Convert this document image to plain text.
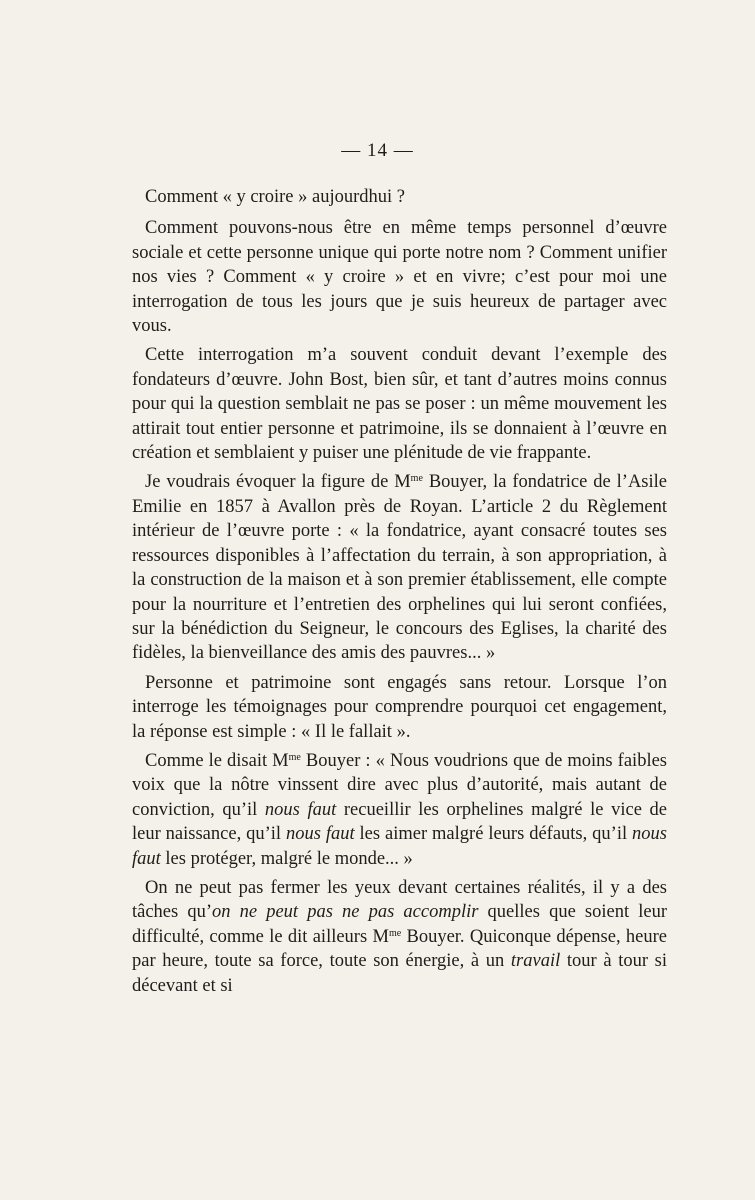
— 14 —

Comment « y croire » aujourdhui ?

Comment pouvons-nous être en même temps personnel d’œuvre sociale et cette personne unique qui porte notre nom ? Comment unifier nos vies ? Comment « y croire » et en vivre; c’est pour moi une interrogation de tous les jours que je suis heureux de partager avec vous.

Cette interrogation m’a souvent conduit devant l’exemple des fondateurs d’œuvre. John Bost, bien sûr, et tant d’autres moins connus pour qui la question semblait ne pas se poser : un même mouvement les attirait tout entier personne et patrimoine, ils se donnaient à l’œuvre en création et semblaient y puiser une plénitude de vie frappante.

Je voudrais évoquer la figure de $M^{me}$ Bouyer, la fondatrice de l’Asile Emilie en 1857 à Avallon près de Royan. L’article 2 du Règlement intérieur de l’œuvre porte : « la fondatrice, ayant consacré toutes ses ressources disponibles à l’affectation du terrain, à son appropriation, à la construction de la maison et à son premier établissement, elle compte pour la nourriture et l’entretien des orphelines qui lui seront confiées, sur la bénédiction du Seigneur, le concours des Eglises, la charité des fidèles, la bienveillance des amis des pauvres... »

Personne et patrimoine sont engagés sans retour. Lorsque l’on interroge les témoignages pour comprendre pourquoi cet engagement, la réponse est simple : « Il le fallait ».

Comme le disait $M^{me}$ Bouyer : « Nous voudrions que de moins faibles voix que la nôtre vinssent dire avec plus d’autorité, mais autant de conviction, qu’il nous faut recueillir les orphelines malgré le vice de leur naissance, qu’il nous faut les aimer malgré leurs défauts, qu’il nous faut les protéger, malgré le monde... »

On ne peut pas fermer les yeux devant certaines réalités, il y a des tâches qu’on ne peut pas ne pas accomplir quelles que soient leur difficulté, comme le dit ailleurs $M^{me}$ Bouyer. Quiconque dépense, heure par heure, toute sa force, toute son énergie, à un travail tour à tour si décevant et si
